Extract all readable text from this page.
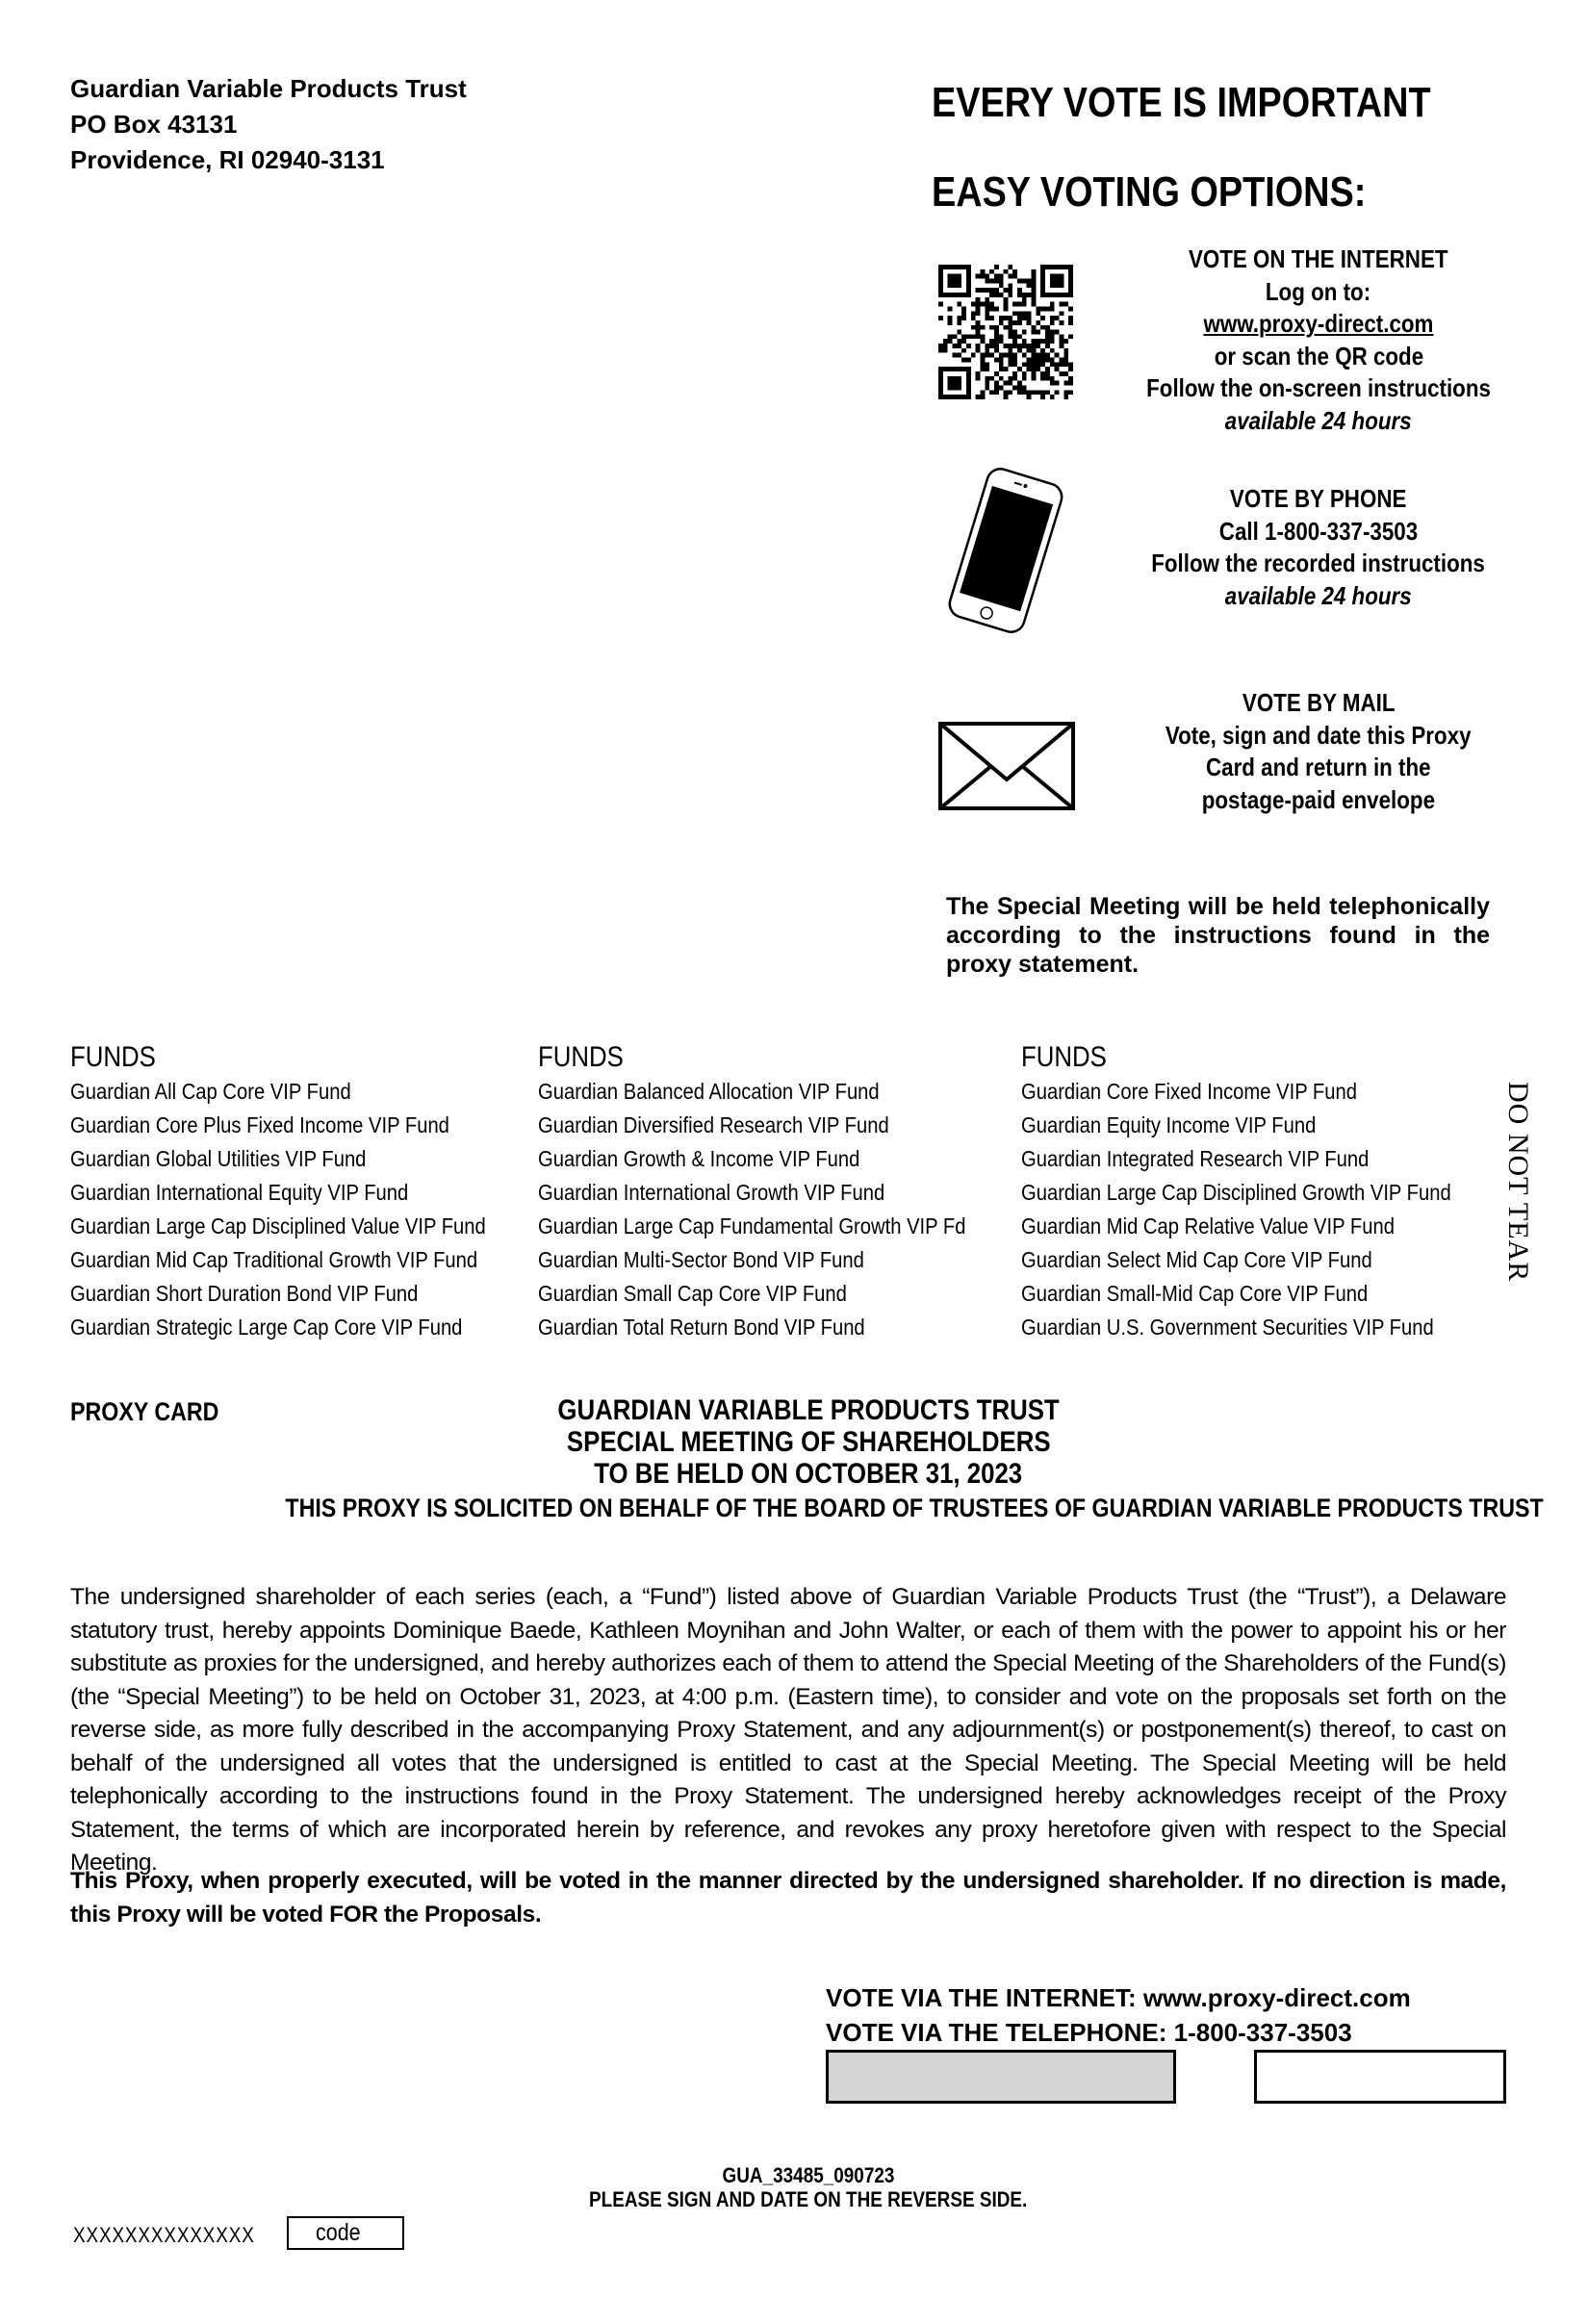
Guardian Variable Products Trust
PO Box 43131
Providence, RI 02940-3131
EVERY VOTE IS IMPORTANT
EASY VOTING OPTIONS:
VOTE ON THE INTERNET
Log on to:
www.proxy-direct.com
or scan the QR code
Follow the on-screen instructions
available 24 hours
VOTE BY PHONE
Call 1-800-337-3503
Follow the recorded instructions
available 24 hours
VOTE BY MAIL
Vote, sign and date this Proxy
Card and return in the
postage-paid envelope
The Special Meeting will be held telephonically according to the instructions found in the proxy statement.
FUNDS
Guardian All Cap Core VIP Fund
Guardian Core Plus Fixed Income VIP Fund
Guardian Global Utilities VIP Fund
Guardian International Equity VIP Fund
Guardian Large Cap Disciplined Value VIP Fund
Guardian Mid Cap Traditional Growth VIP Fund
Guardian Short Duration Bond VIP Fund
Guardian Strategic Large Cap Core VIP Fund
FUNDS
Guardian Balanced Allocation VIP Fund
Guardian Diversified Research VIP Fund
Guardian Growth & Income VIP Fund
Guardian International Growth VIP Fund
Guardian Large Cap Fundamental Growth VIP Fd
Guardian Multi-Sector Bond VIP Fund
Guardian Small Cap Core VIP Fund
Guardian Total Return Bond VIP Fund
FUNDS
Guardian Core Fixed Income VIP Fund
Guardian Equity Income VIP Fund
Guardian Integrated Research VIP Fund
Guardian Large Cap Disciplined Growth VIP Fund
Guardian Mid Cap Relative Value VIP Fund
Guardian Select Mid Cap Core VIP Fund
Guardian Small-Mid Cap Core VIP Fund
Guardian U.S. Government Securities VIP Fund
DO NOT TEAR
PROXY CARD	GUARDIAN VARIABLE PRODUCTS TRUST
SPECIAL MEETING OF SHAREHOLDERS
TO BE HELD ON OCTOBER 31, 2023
THIS PROXY IS SOLICITED ON BEHALF OF THE BOARD OF TRUSTEES OF GUARDIAN VARIABLE PRODUCTS TRUST
The undersigned shareholder of each series (each, a “Fund”) listed above of Guardian Variable Products Trust (the “Trust”), a Delaware statutory trust, hereby appoints Dominique Baede, Kathleen Moynihan and John Walter, or each of them with the power to appoint his or her substitute as proxies for the undersigned, and hereby authorizes each of them to attend the Special Meeting of the Shareholders of the Fund(s) (the “Special Meeting”) to be held on October 31, 2023, at 4:00 p.m. (Eastern time), to consider and vote on the proposals set forth on the reverse side, as more fully described in the accompanying Proxy Statement, and any adjournment(s) or postponement(s) thereof, to cast on behalf of the undersigned all votes that the undersigned is entitled to cast at the Special Meeting. The Special Meeting will be held telephonically according to the instructions found in the Proxy Statement. The undersigned hereby acknowledges receipt of the Proxy Statement, the terms of which are incorporated herein by reference, and revokes any proxy heretofore given with respect to the Special Meeting.
This Proxy, when properly executed, will be voted in the manner directed by the undersigned shareholder. If no direction is made, this Proxy will be voted FOR the Proposals.
VOTE VIA THE INTERNET: www.proxy-direct.com
VOTE VIA THE TELEPHONE: 1-800-337-3503
GUA_33485_090723
PLEASE SIGN AND DATE ON THE REVERSE SIDE.
XXXXXXXXXXXXXX	code
